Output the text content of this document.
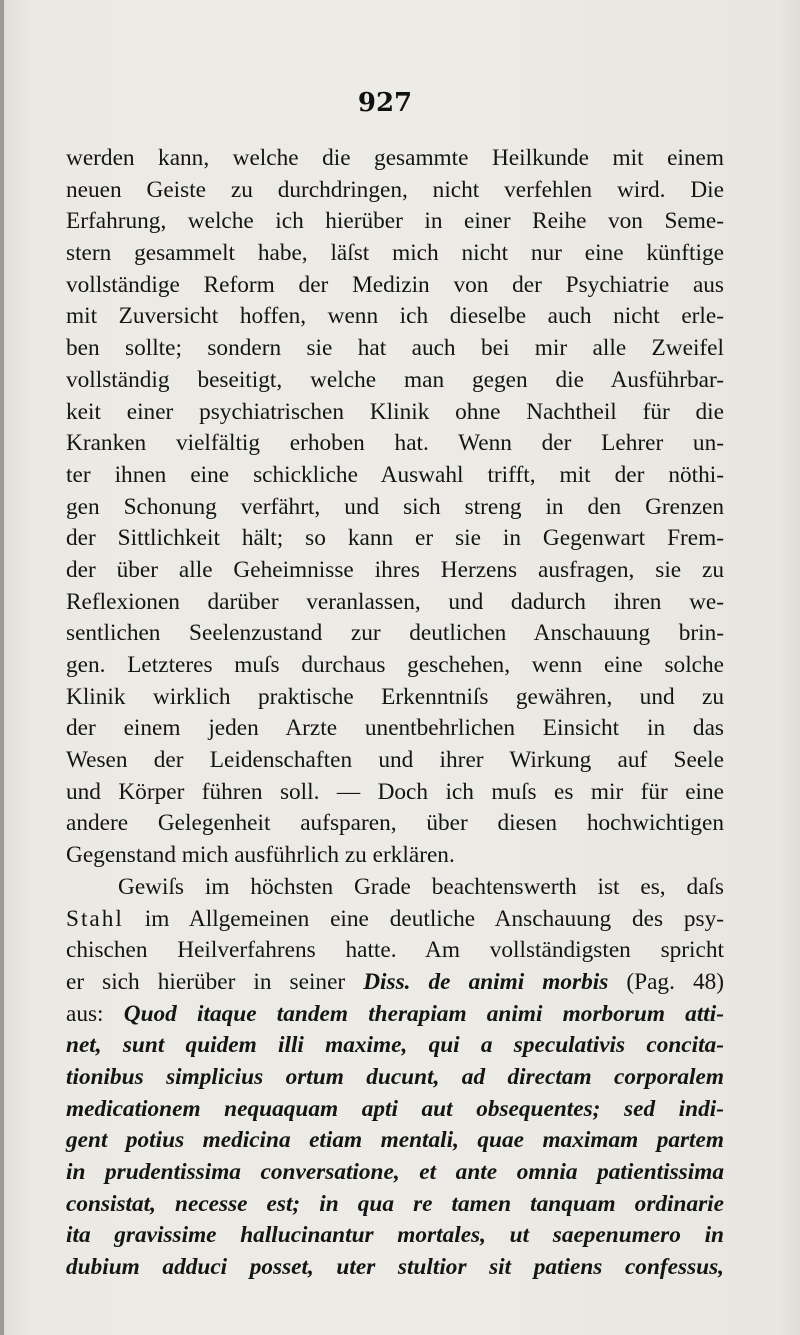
927
werden kann, welche die gesammte Heilkunde mit einem
neuen Geiste zu durchdringen, nicht verfehlen wird. Die
Erfahrung, welche ich hierüber in einer Reihe von Seme-
stern gesammelt habe, läſst mich nicht nur eine künftige
vollständige Reform der Medizin von der Psychiatrie aus
mit Zuversicht hoffen, wenn ich dieselbe auch nicht erle-
ben sollte; sondern sie hat auch bei mir alle Zweifel
vollständig beseitigt, welche man gegen die Ausführbar-
keit einer psychiatrischen Klinik ohne Nachtheil für die
Kranken vielfältig erhoben hat. Wenn der Lehrer un-
ter ihnen eine schickliche Auswahl trifft, mit der nöthi-
gen Schonung verfährt, und sich streng in den Grenzen
der Sittlichkeit hält; so kann er sie in Gegenwart Frem-
der über alle Geheimnisse ihres Herzens ausfragen, sie zu
Reflexionen darüber veranlassen, und dadurch ihren we-
sentlichen Seelenzustand zur deutlichen Anschauung brin-
gen. Letzteres muſs durchaus geschehen, wenn eine solche
Klinik wirklich praktische Erkenntniſs gewähren, und zu
der einem jeden Arzte unentbehrlichen Einsicht in das
Wesen der Leidenschaften und ihrer Wirkung auf Seele
und Körper führen soll. — Doch ich muſs es mir für eine
andere Gelegenheit aufsparen, über diesen hochwichtigen
Gegenstand mich ausführlich zu erklären.
Gewiſs im höchsten Grade beachtenswerth ist es, daſs
Stahl im Allgemeinen eine deutliche Anschauung des psy-
chischen Heilverfahrens hatte. Am vollständigsten spricht
er sich hierüber in seiner Diss. de animi morbis (Pag. 48)
aus: Quod itaque tandem therapiam animi morborum atti-
net, sunt quidem illi maxime, qui a speculativis concita-
tionibus simplicius ortum ducunt, ad directam corporalem
medicationem nequaquam apti aut obsequentes; sed indi-
gent potius medicina etiam mentali, quae maximam partem
in prudentissima conversatione, et ante omnia patientissima
consistat, necesse est; in qua re tamen tanquam ordinarie
ita gravissime hallucinantur mortales, ut saepenumero in
dubium adduci posset, uter stultior sit patiens confessus,
